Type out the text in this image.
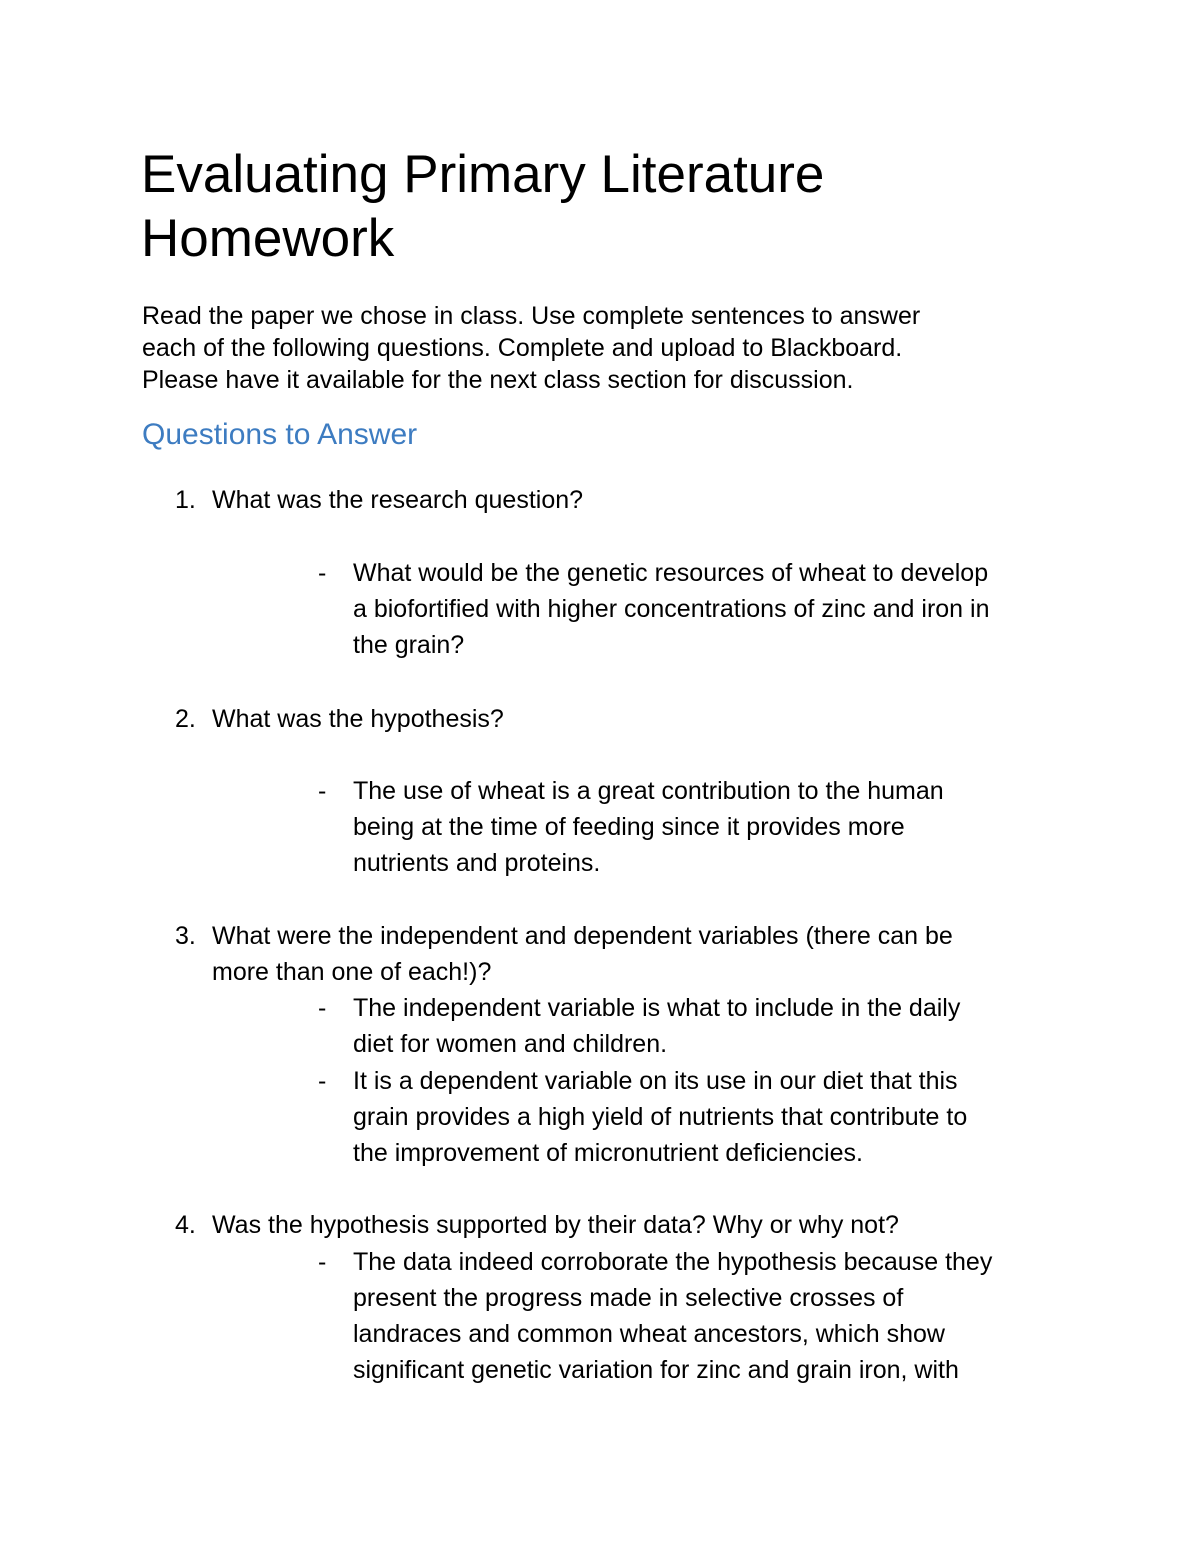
Evaluating Primary Literature
Homework

Read the paper we chose in class. Use complete sentences to answer
each of the following questions. Complete and upload to Blackboard.
Please have it available for the next class section for discussion.

Questions to Answer
1. What was the research question?
- What would be the genetic resources of wheat to develop
a biofortified with higher concentrations of zinc and iron in
the grain?
2. What was the hypothesis?
- The use of wheat is a great contribution to the human
being at the time of feeding since it provides more
nutrients and proteins.
3. What were the independent and dependent variables (there can be
more than one of each!)?
- The independent variable is what to include in the daily
diet for women and children.
- It is a dependent variable on its use in our diet that this
grain provides a high yield of nutrients that contribute to
the improvement of micronutrient deficiencies.
4. Was the hypothesis supported by their data? Why or why not?
- The data indeed corroborate the hypothesis because they
present the progress made in selective crosses of
landraces and common wheat ancestors, which show
significant genetic variation for zinc and grain iron, with
